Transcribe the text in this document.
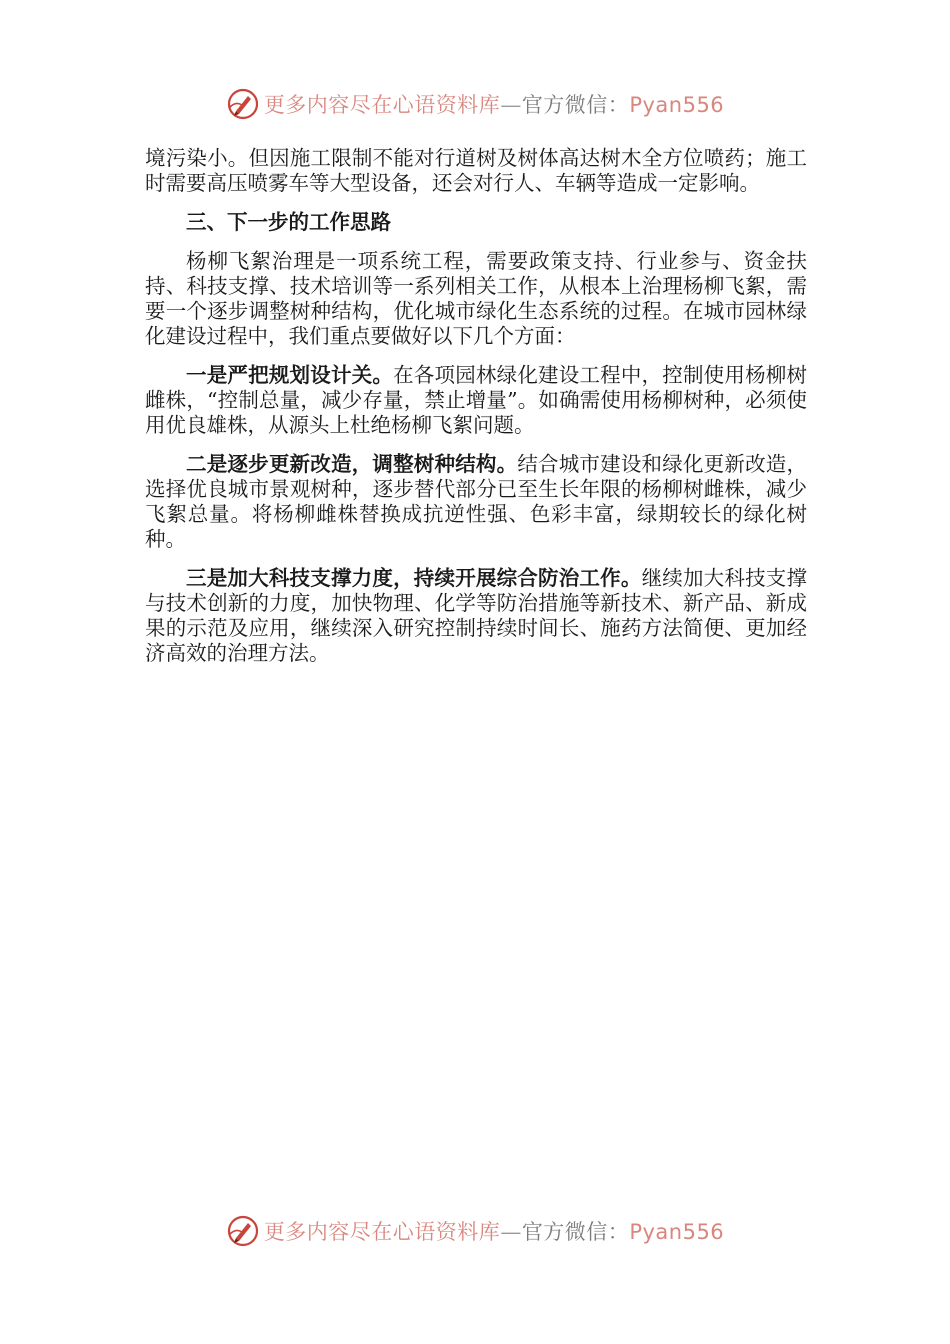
更多内容尽在心语资料库—官方微信：Pyan556

境污染小。但因施工限制不能对行道树及树体高达树木全方位喷药；施工时需要高压喷雾车等大型设备，还会对行人、车辆等造成一定影响。

三、下一步的工作思路

杨柳飞絮治理是一项系统工程，需要政策支持、行业参与、资金扶持、科技支撑、技术培训等一系列相关工作，从根本上治理杨柳飞絮，需要一个逐步调整树种结构，优化城市绿化生态系统的过程。在城市园林绿化建设过程中，我们重点要做好以下几个方面：

一是严把规划设计关。在各项园林绿化建设工程中，控制使用杨柳树雌株，“控制总量，减少存量，禁止增量”。如确需使用杨柳树种，必须使用优良雄株，从源头上杜绝杨柳飞絮问题。

二是逐步更新改造，调整树种结构。结合城市建设和绿化更新改造，选择优良城市景观树种，逐步替代部分已至生长年限的杨柳树雌株，减少飞絮总量。将杨柳雌株替换成抗逆性强、色彩丰富，绿期较长的绿化树种。

三是加大科技支撑力度，持续开展综合防治工作。继续加大科技支撑与技术创新的力度，加快物理、化学等防治措施等新技术、新产品、新成果的示范及应用，继续深入研究控制持续时间长、施药方法简便、更加经济高效的治理方法。

更多内容尽在心语资料库—官方微信：Pyan556
